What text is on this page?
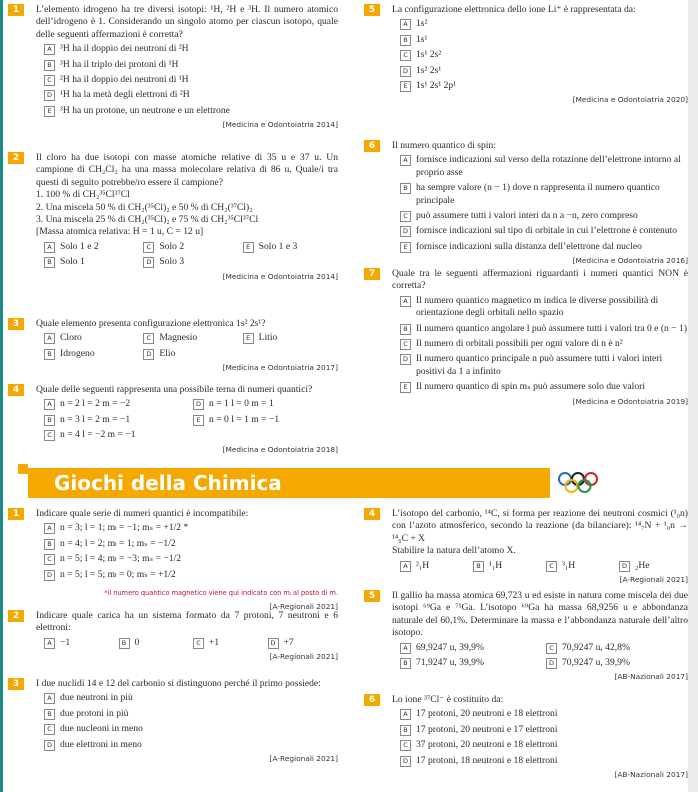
Giochi della Chimica
1	L’elemento idrogeno ha tre diversi isotopi: ¹H, ²H e ³H. Il numero atomico dell’idrogeno è 1. Considerando un singolo atomo per ciascun isotopo, quale delle seguenti affermazioni è corretta?
A ³H ha il doppio dei neutroni di ²H
B ³H ha il triplo dei protoni di ¹H
C ²H ha il doppio dei neutroni di ¹H
D ¹H ha la metà degli elettroni di ²H
E ³H ha un protone, un neutrone e un elettrone
[Medicina e Odontoiatria 2014]
2	Il cloro ha due isotopi con masse atomiche relative di 35 u e 37 u. Un campione di CH₂Cl₂ ha una massa molecolare relativa di 86 u. Quale/i tra questi di seguito potrebbe/ro essere il campione?
1. 100 % di CH₂³⁵Cl³⁷Cl
2. Una miscela 50 % di CH₂(³⁵Cl)₂ e 50 % di CH₂(³⁷Cl)₂
3. Una miscela 25 % di CH₂(³⁵Cl)₂ e 75 % di CH₂³⁵Cl³⁷Cl
[Massa atomica relativa: H = 1 u, C = 12 u]
A Solo 1 e 2	C Solo 2	E Solo 1 e 3
B Solo 1	D Solo 3
[Medicina e Odontoiatria 2014]
3	Quale elemento presenta configurazione elettronica 1s² 2s¹?
A Cloro	C Magnesio	E Litio
B Idrogeno	D Elio
[Medicina e Odontoiatria 2017]
4	Quale delle seguenti rappresenta una possibile terna di numeri quantici?
A n = 2 l = 2 m = −2	D n = 1 l = 0 m = 1
B n = 3 l = 2 m = −1	E n = 0 l = 1 m = −1
C n = 4 l = −2 m = −1
[Medicina e Odontoiatria 2018]
5	La configurazione elettronica dello ione Li⁺ è rappresentata da:
A 1s²
B 1s¹
C 1s¹ 2s²
D 1s² 2s¹
E 1s¹ 2s¹ 2p¹
[Medicina e Odontoiatria 2020]
6	Il numero quantico di spin:
A fornisce indicazioni sul verso della rotazione dell’elettrone intorno al proprio asse
B ha sempre valore (n − 1) dove n rappresenta il numero quantico principale
C può assumere tutti i valori interi da n a −n, zero compreso
D fornisce indicazioni sul tipo di orbitale in cui l’elettrone è contenuto
E fornisce indicazioni sulla distanza dell’elettrone dal nucleo
[Medicina e Odontoiatria 2016]
7	Quale tra le seguenti affermazioni riguardanti i numeri quantici NON è corretta?
A Il numero quantico magnetico m indica le diverse possibilità di orientazione degli orbitali nello spazio
B Il numero quantico angolare l può assumere tutti i valori tra 0 e (n − 1)
C Il numero di orbitali possibili per ogni valore di n è n²
D Il numero quantico principale n può assumere tutti i valori interi positivi da 1 a infinito
E Il numero quantico di spin mₛ può assumere solo due valori
[Medicina e Odontoiatria 2019]
1	Indicare quale serie di numeri quantici è incompatibile:
A n = 3; l = 1; mₗ = −1; mₛ = +1/2 *
B n = 4; l = 2; mₗ = 1; mₛ = −1/2
C n = 5; l = 4; mₗ = −3; mₛ = −1/2
D n = 5; l = 5; mₗ = 0; mₛ = +1/2
*il numero quantico magnetico viene qui indicato con mₗ al posto di m.
[A-Regionali 2021]
2	Indicare quale carica ha un sistema formato da 7 protoni, 7 neutroni e 6 elettroni:
A −1	B 0	C +1	D +7
[A-Regionali 2021]
3	I due nuclidi 14 e 12 del carbonio si distinguono perché il primo possiede:
A due neutroni in più
B due protoni in più
C due nucleoni in meno
D due elettroni in meno
[A-Regionali 2021]
4	L’isotopo del carbonio, ¹⁴C, si forma per reazione dei neutroni cosmici (¹₀n) con l’azoto atmosferico, secondo la reazione (da bilanciare): ¹⁴₇N + ¹₀n → ¹⁴₆C + X
Stabilire la natura dell’atomo X.
A ²₁H	B ¹₁H	C ³₁H	D ₂He
[A-Regionali 2021]
5	Il gallio ha massa atomica 69,723 u ed esiste in natura come miscela dei due isotopi ⁶⁹Ga e ⁷¹Ga. L’isotopo ⁶⁹Ga ha massa 68,9256 u e abbondanza naturale del 60,1%. Determinare la massa e l’abbondanza naturale dell’altro isotopo.
A 69,9247 u, 39,9%	C 70,9247 u, 42,8%
B 71,9247 u, 39,9%	D 70,9247 u, 39,9%
[AB-Nazionali 2017]
6	Lo ione ³⁷Cl⁻ è costituito da:
A 17 protoni, 20 neutroni e 18 elettroni
B 17 protoni, 20 neutroni e 17 elettroni
C 37 protoni, 20 neutroni e 18 elettroni
D 17 protoni, 18 neutroni e 18 elettroni
[AB-Nazionali 2017]
